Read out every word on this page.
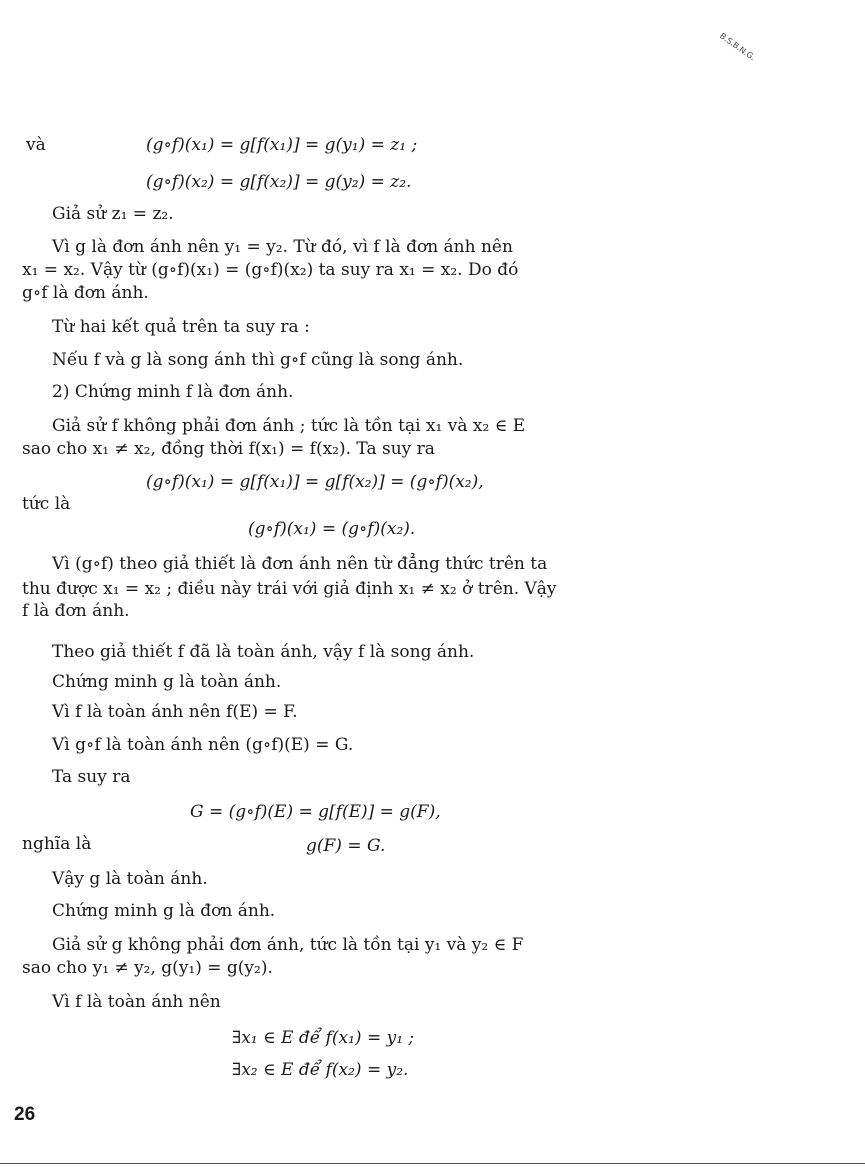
B.S.B.N.G.
và	(g∘f)(x₁) = g[f(x₁)] = g(y₁) = z₁ ;
(g∘f)(x₂) = g[f(x₂)] = g(y₂) = z₂.
Giả sử z₁ = z₂.
Vì g là đơn ánh nên y₁ = y₂. Từ đó, vì f là đơn ánh nên
x₁ = x₂. Vậy từ (g∘f)(x₁) = (g∘f)(x₂) ta suy ra x₁ = x₂. Do đó
g∘f là đơn ánh.
Từ hai kết quả trên ta suy ra :
Nếu f và g là song ánh thì g∘f cũng là song ánh.
2) Chứng minh f là đơn ánh.
Giả sử f không phải đơn ánh ; tức là tồn tại x₁ và x₂ ∈ E
sao cho x₁ ≠ x₂, đồng thời f(x₁) = f(x₂). Ta suy ra
(g∘f)(x₁) = g[f(x₁)] = g[f(x₂)] = (g∘f)(x₂),
tức là
(g∘f)(x₁) = (g∘f)(x₂).
Vì (g∘f) theo giả thiết là đơn ánh nên từ đẳng thức trên ta
thu được x₁ = x₂ ; điều này trái với giả định x₁ ≠ x₂ ở trên. Vậy
f là đơn ánh.
Theo giả thiết f đã là toàn ánh, vậy f là song ánh.
Chứng minh g là toàn ánh.
Vì f là toàn ánh nên f(E) = F.
Vì g∘f là toàn ánh nên (g∘f)(E) = G.
Ta suy ra
G = (g∘f)(E) = g[f(E)] = g(F),
nghĩa là	g(F) = G.
Vậy g là toàn ánh.
Chứng minh g là đơn ánh.
Giả sử g không phải đơn ánh, tức là tồn tại y₁ và y₂ ∈ F
sao cho y₁ ≠ y₂, g(y₁) = g(y₂).
Vì f là toàn ánh nên
∃x₁ ∈ E để f(x₁) = y₁ ;
∃x₂ ∈ E để f(x₂) = y₂.
26
